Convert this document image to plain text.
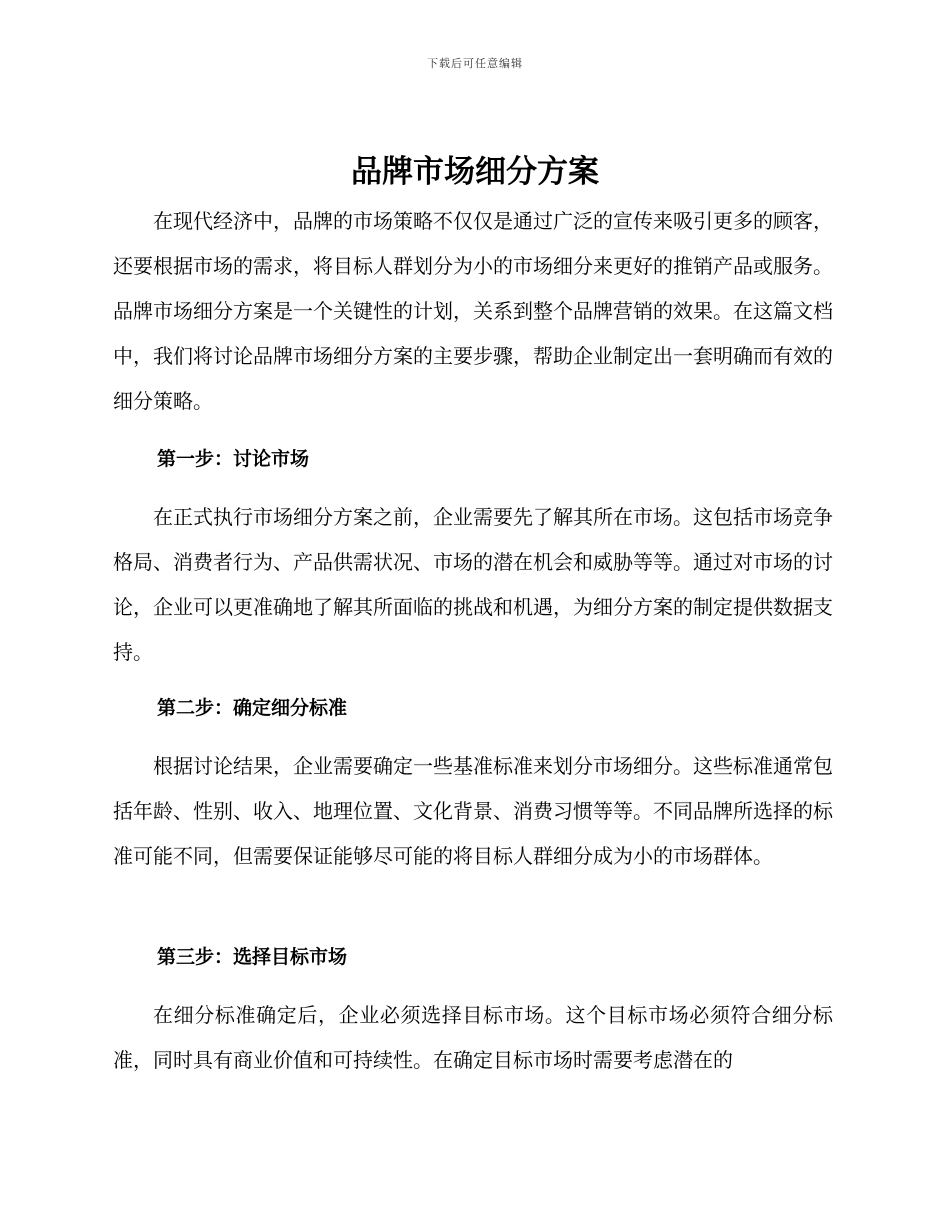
下载后可任意编辑
品牌市场细分方案

在现代经济中，品牌的市场策略不仅仅是通过广泛的宣传来吸引更多的顾客，还要根据市场的需求，将目标人群划分为小的市场细分来更好的推销产品或服务。品牌市场细分方案是一个关键性的计划，关系到整个品牌营销的效果。在这篇文档中，我们将讨论品牌市场细分方案的主要步骤，帮助企业制定出一套明确而有效的细分策略。

第一步：讨论市场

在正式执行市场细分方案之前，企业需要先了解其所在市场。这包括市场竞争格局、消费者行为、产品供需状况、市场的潜在机会和威胁等等。通过对市场的讨论，企业可以更准确地了解其所面临的挑战和机遇，为细分方案的制定提供数据支持。

第二步：确定细分标准

根据讨论结果，企业需要确定一些基准标准来划分市场细分。这些标准通常包括年龄、性别、收入、地理位置、文化背景、消费习惯等等。不同品牌所选择的标准可能不同，但需要保证能够尽可能的将目标人群细分成为小的市场群体。

第三步：选择目标市场

在细分标准确定后，企业必须选择目标市场。这个目标市场必须符合细分标准，同时具有商业价值和可持续性。在确定目标市场时需要考虑潜在的
